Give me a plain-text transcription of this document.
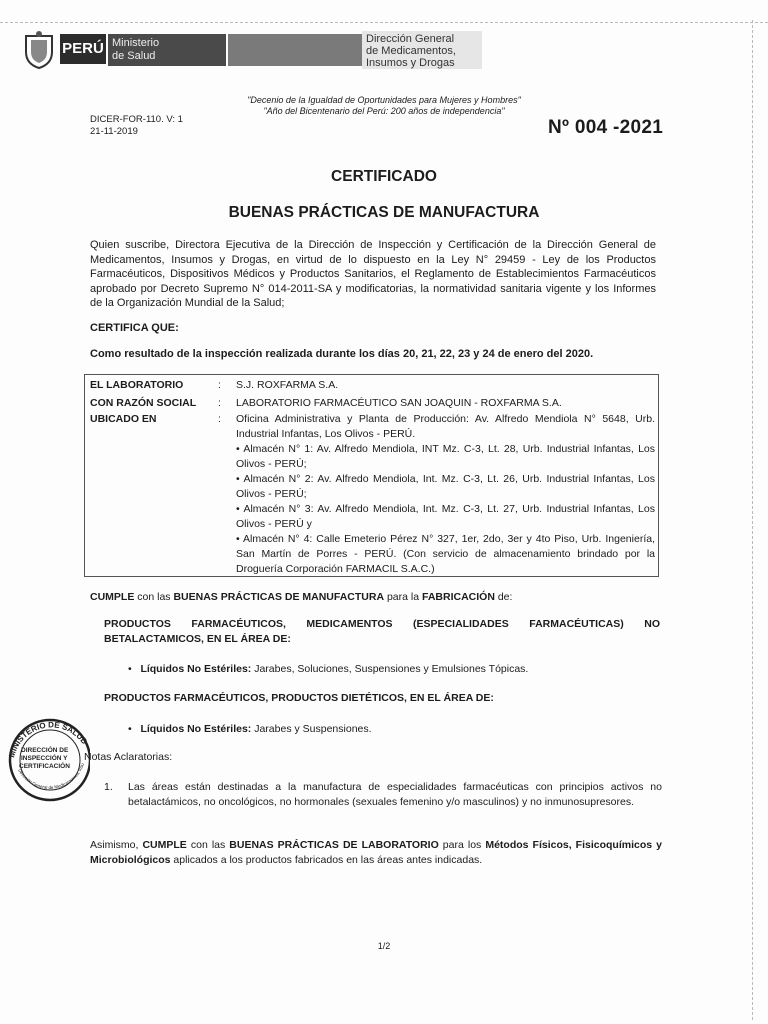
PERÚ Ministerio
de Salud
Dirección General
de Medicamentos,
Insumos y Drogas
"Decenio de la Igualdad de Oportunidades para Mujeres y Hombres"
"Año del Bicentenario del Perú: 200 años de independencia"
DICER-FOR-110. V: 1
21-11-2019	Nº 004 -2021
CERTIFICADO
BUENAS PRÁCTICAS DE MANUFACTURA
Quien suscribe, Directora Ejecutiva de la Dirección de Inspección y Certificación de la Dirección General de Medicamentos, Insumos y Drogas, en virtud de lo dispuesto en la Ley N° 29459 - Ley de los Productos Farmacéuticos, Dispositivos Médicos y Productos Sanitarios, el Reglamento de Establecimientos Farmacéuticos aprobado por Decreto Supremo N° 014-2011-SA y modificatorias, la normatividad sanitaria vigente y los Informes de la Organización Mundial de la Salud;
CERTIFICA QUE:
Como resultado de la inspección realizada durante los días 20, 21, 22, 23 y 24 de enero del 2020.
EL LABORATORIO
CON RAZÓN SOCIAL
UBICADO EN
:
:
:
S.J. ROXFARMA S.A.
LABORATORIO FARMACÉUTICO SAN JOAQUIN - ROXFARMA S.A.

Oficina Administrativa y Planta de Producción: Av. Alfredo Mendiola N° 5648, Urb. Industrial Infantas, Los Olivos - PERÚ.

• Almacén N° 1: Av. Alfredo Mendiola, INT Mz. C-3, Lt. 28, Urb. Industrial Infantas, Los Olivos - PERÚ;

• Almacén N° 2: Av. Alfredo Mendiola, Int. Mz. C-3, Lt. 26, Urb. Industrial Infantas, Los Olivos - PERÚ;

• Almacén N° 3: Av. Alfredo Mendiola, Int. Mz. C-3, Lt. 27, Urb. Industrial Infantas, Los Olivos - PERÚ y

• Almacén N° 4: Calle Emeterio Pérez N° 327, 1er, 2do, 3er y 4to Piso, Urb. Ingeniería, San Martín de Porres - PERÚ. (Con servicio de almacenamiento brindado por la Droguería Corporación FARMACIL S.A.C.)

CUMPLE con las BUENAS PRÁCTICAS DE MANUFACTURA para la FABRICACIÓN de:
PRODUCTOS FARMACÉUTICOS, MEDICAMENTOS (ESPECIALIDADES FARMACÉUTICAS) NO BETALACTAMICOS, EN EL ÁREA DE:
•   Líquidos No Estériles: Jarabes, Soluciones, Suspensiones y Emulsiones Tópicas.
PRODUCTOS FARMACÉUTICOS, PRODUCTOS DIETÉTICOS, EN EL ÁREA DE:
•   Líquidos No Estériles: Jarabes y Suspensiones.
Notas Aclaratorias:
1. Las áreas están destinadas a la manufactura de especialidades farmacéuticas con principios activos no betalactámicos, no oncológicos, no hormonales (sexuales femenino y/o masculinos) y no inmunosupresores.
Asimismo, CUMPLE con las BUENAS PRÁCTICAS DE LABORATORIO para los Métodos Físicos, Fisicoquímicos y Microbiológicos aplicados a los productos fabricados en las áreas antes indicadas.
1/2
MINISTERIO DE SALUD
DIRECCIÓN DE
INSPECCIÓN Y
CERTIFICACIÓN
Dirección General de Medicamentos, Insu
